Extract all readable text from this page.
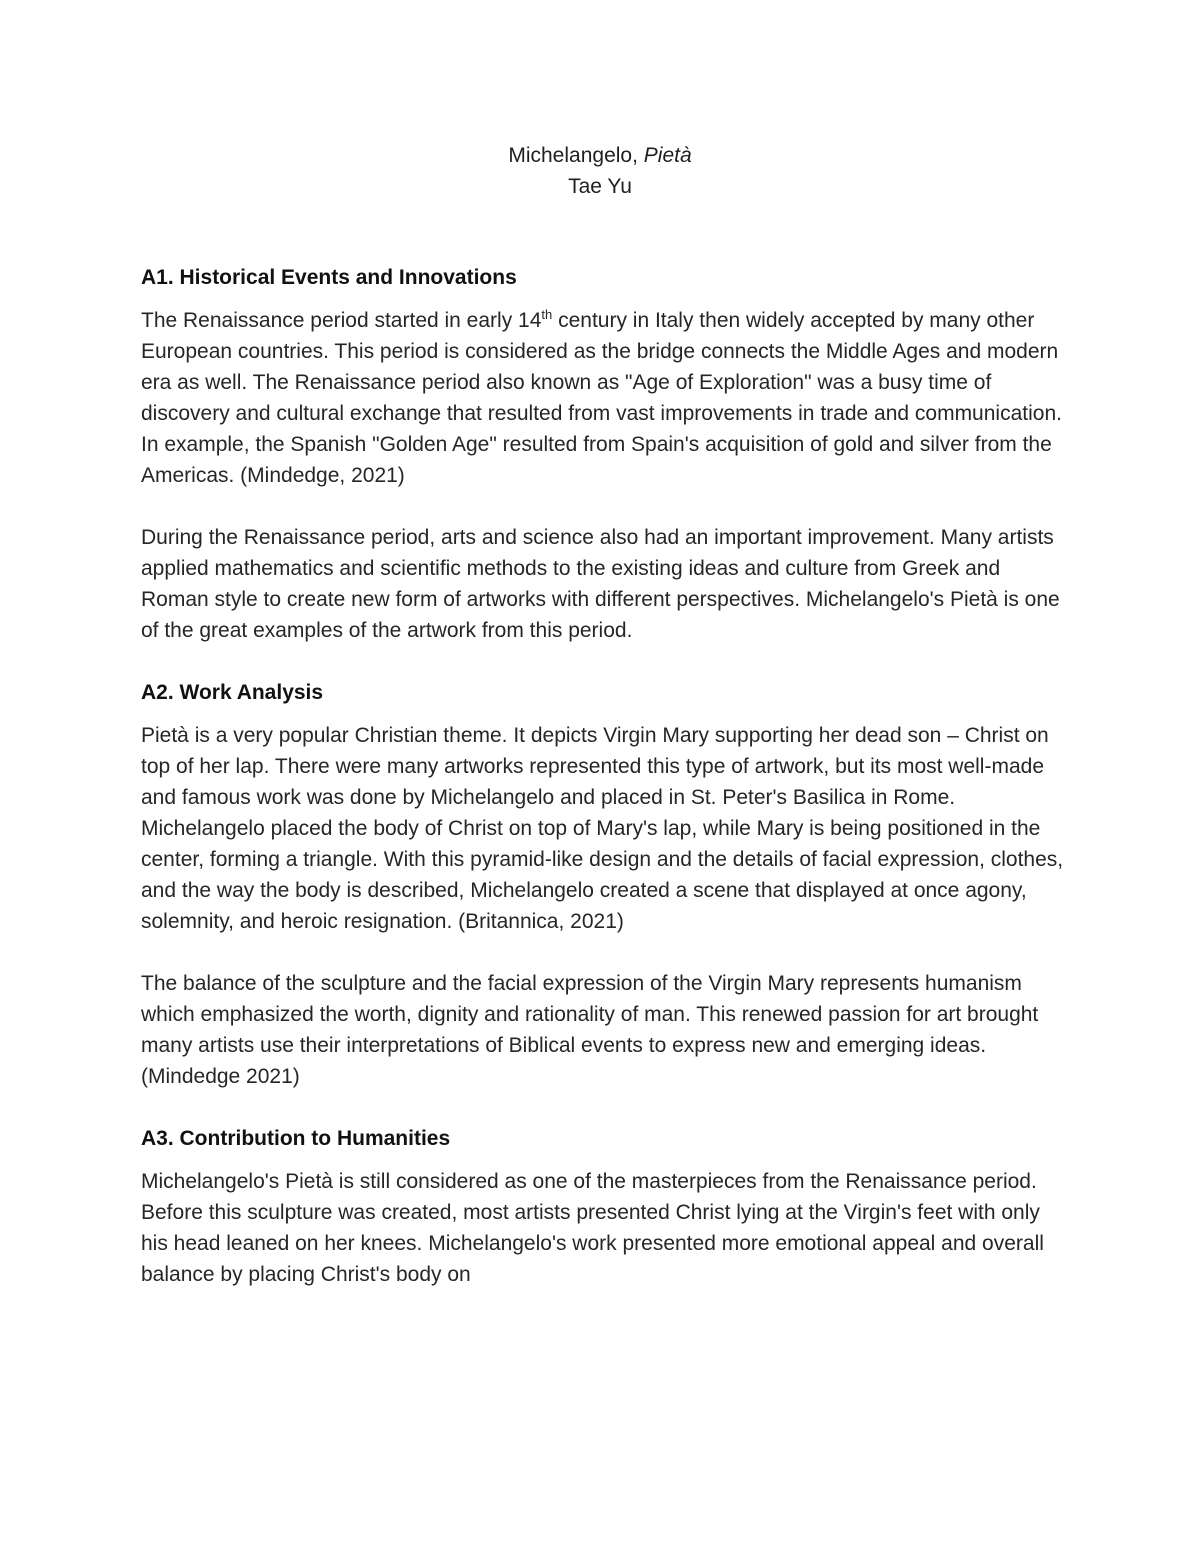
Michelangelo, Pietà
Tae Yu
A1. Historical Events and Innovations

The Renaissance period started in early 14th century in Italy then widely accepted by many other European countries. This period is considered as the bridge connects the Middle Ages and modern era as well. The Renaissance period also known as "Age of Exploration" was a busy time of discovery and cultural exchange that resulted from vast improvements in trade and communication. In example, the Spanish "Golden Age" resulted from Spain's acquisition of gold and silver from the Americas. (Mindedge, 2021)

During the Renaissance period, arts and science also had an important improvement. Many artists applied mathematics and scientific methods to the existing ideas and culture from Greek and Roman style to create new form of artworks with different perspectives. Michelangelo's Pietà is one of the great examples of the artwork from this period.

A2. Work Analysis

Pietà is a very popular Christian theme. It depicts Virgin Mary supporting her dead son – Christ on top of her lap. There were many artworks represented this type of artwork, but its most well-made and famous work was done by Michelangelo and placed in St. Peter's Basilica in Rome. Michelangelo placed the body of Christ on top of Mary's lap, while Mary is being positioned in the center, forming a triangle. With this pyramid-like design and the details of facial expression, clothes, and the way the body is described, Michelangelo created a scene that displayed at once agony, solemnity, and heroic resignation. (Britannica, 2021)

The balance of the sculpture and the facial expression of the Virgin Mary represents humanism which emphasized the worth, dignity and rationality of man. This renewed passion for art brought many artists use their interpretations of Biblical events to express new and emerging ideas. (Mindedge 2021)

A3. Contribution to Humanities

Michelangelo's Pietà is still considered as one of the masterpieces from the Renaissance period. Before this sculpture was created, most artists presented Christ lying at the Virgin's feet with only his head leaned on her knees. Michelangelo's work presented more emotional appeal and overall balance by placing Christ's body on
